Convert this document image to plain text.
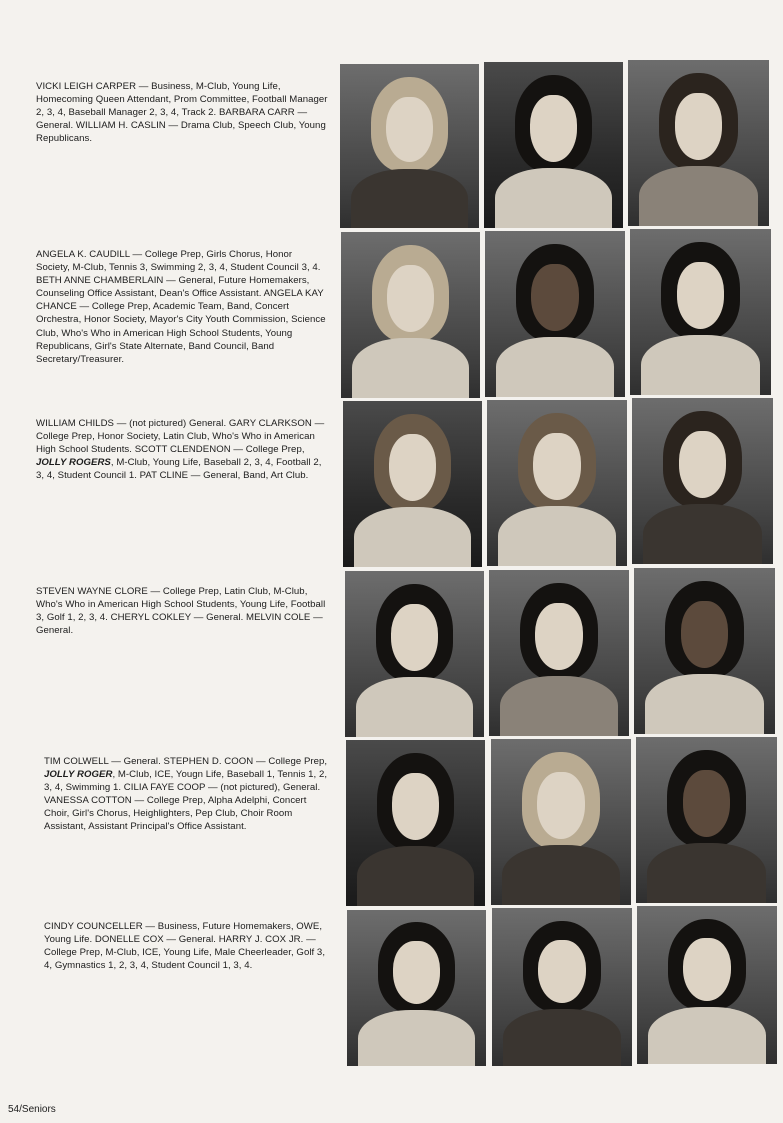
VICKI LEIGH CARPER — Business, M-Club, Young Life, Homecoming Queen Attendant, Prom Committee, Football Manager 2, 3, 4, Baseball Manager 2, 3, 4, Track 2. BARBARA CARR — General. WILLIAM H. CASLIN — Drama Club, Speech Club, Young Republicans.
ANGELA K. CAUDILL — College Prep, Girls Chorus, Honor Society, M-Club, Tennis 3, Swimming 2, 3, 4, Student Council 3, 4. BETH ANNE CHAMBERLAIN — General, Future Homemakers, Counseling Office Assistant, Dean's Office Assistant. ANGELA KAY CHANCE — College Prep, Academic Team, Band, Concert Orchestra, Honor Society, Mayor's City Youth Commission, Science Club, Who's Who in American High School Students, Young Republicans, Girl's State Alternate, Band Council, Band Secretary/Treasurer.
WILLIAM CHILDS — (not pictured) General. GARY CLARKSON — College Prep, Honor Society, Latin Club, Who's Who in American High School Students. SCOTT CLENDENON — College Prep, JOLLY ROGERS, M-Club, Young Life, Baseball 2, 3, 4, Football 2, 3, 4, Student Council 1. PAT CLINE — General, Band, Art Club.
STEVEN WAYNE CLORE — College Prep, Latin Club, M-Club, Who's Who in American High School Students, Young Life, Football 3, Golf 1, 2, 3, 4. CHERYL COKLEY — General. MELVIN COLE — General.
TIM COLWELL — General. STEPHEN D. COON — College Prep, JOLLY ROGER, M-Club, ICE, Yougn Life, Baseball 1, Tennis 1, 2, 3, 4, Swimming 1. CILIA FAYE COOP — (not pictured), General. VANESSA COTTON — College Prep, Alpha Adelphi, Concert Choir, Girl's Chorus, Heighlighters, Pep Club, Choir Room Assistant, Assistant Principal's Office Assistant.
CINDY COUNCELLER — Business, Future Homemakers, OWE, Young Life. DONELLE COX — General. HARRY J. COX JR. — College Prep, M-Club, ICE, Young Life, Male Cheerleader, Golf 3, 4, Gymnastics 1, 2, 3, 4, Student Council 1, 3, 4.
54/Seniors
